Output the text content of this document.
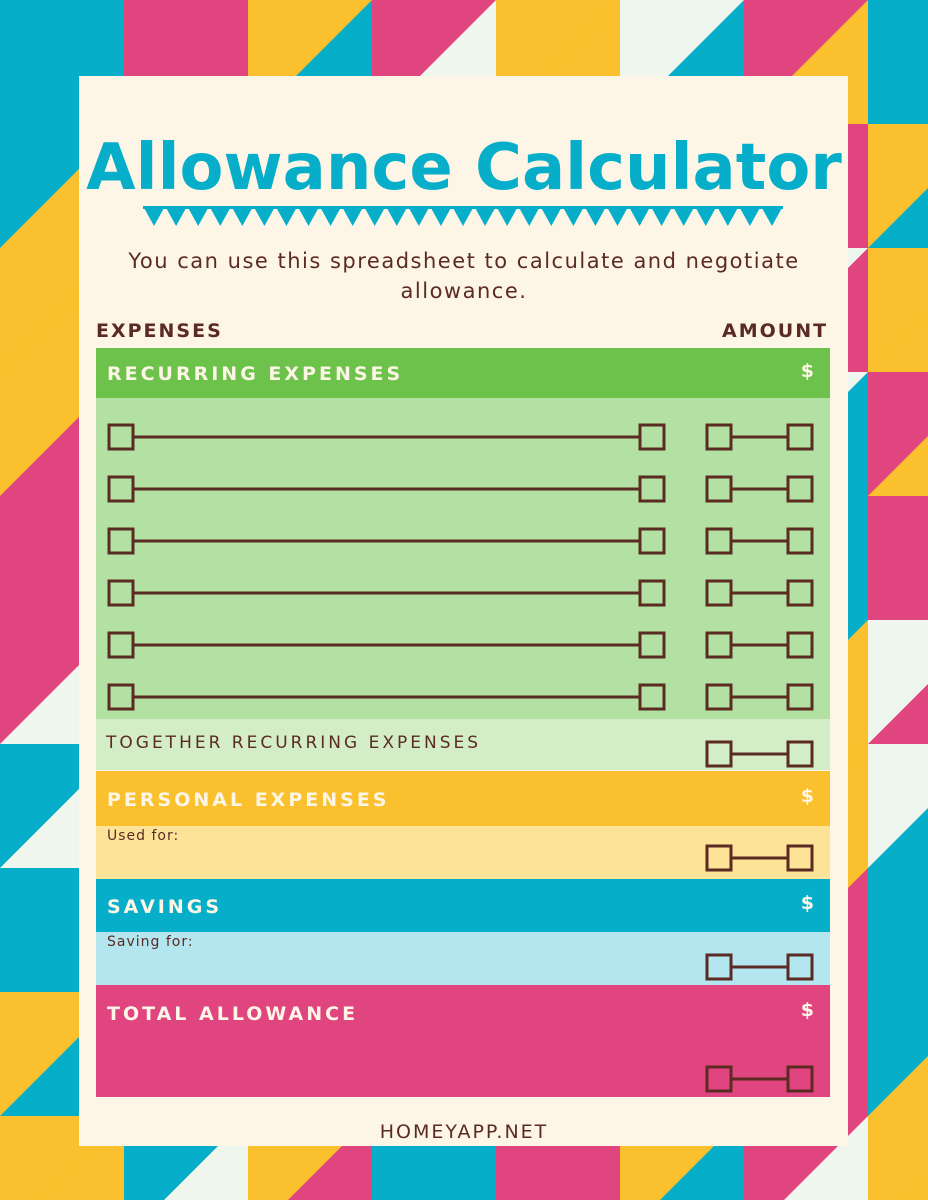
Allowance Calculator
You can use this spreadsheet to calculate and negotiate allowance.
EXPENSES	AMOUNT
RECURRING EXPENSES	$
TOGETHER RECURRING EXPENSES
PERSONAL EXPENSES	$
Used for:
SAVINGS	$
Saving for:
TOTAL ALLOWANCE	$
HOMEYAPP.NET
